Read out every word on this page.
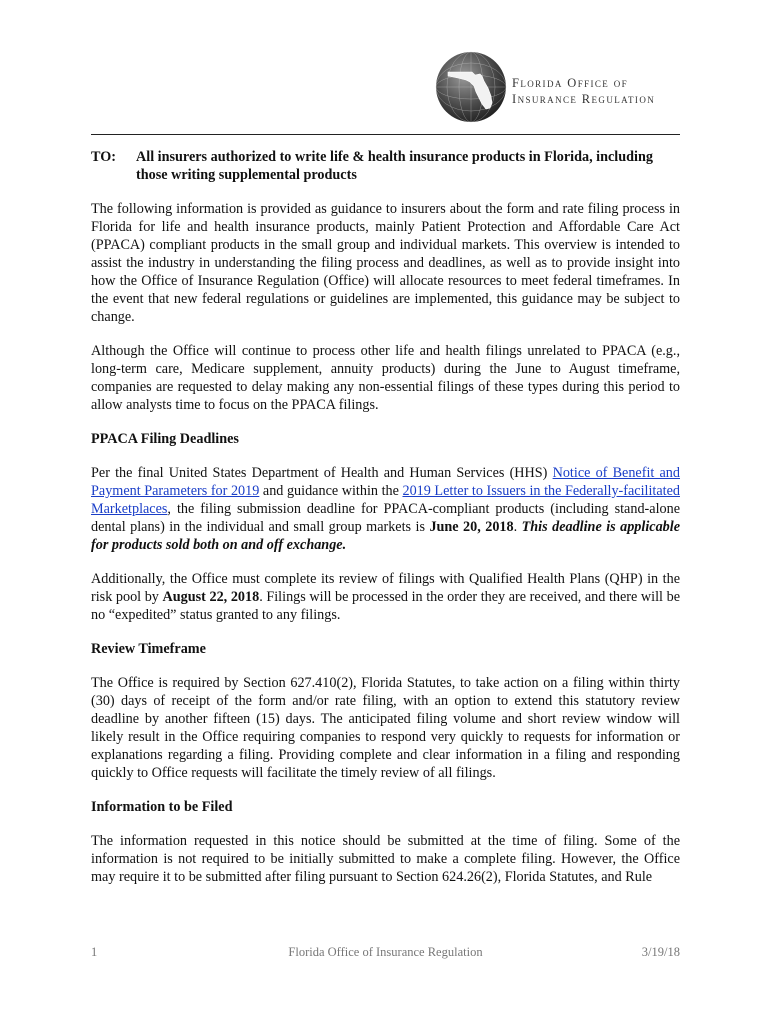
Florida Office of
Insurance Regulation
TO: All insurers authorized to write life & health insurance products in Florida, including those writing supplemental products

The following information is provided as guidance to insurers about the form and rate filing process in Florida for life and health insurance products, mainly Patient Protection and Affordable Care Act (PPACA) compliant products in the small group and individual markets. This overview is intended to assist the industry in understanding the filing process and deadlines, as well as to provide insight into how the Office of Insurance Regulation (Office) will allocate resources to meet federal timeframes. In the event that new federal regulations or guidelines are implemented, this guidance may be subject to change.

Although the Office will continue to process other life and health filings unrelated to PPACA (e.g., long-term care, Medicare supplement, annuity products) during the June to August timeframe, companies are requested to delay making any non-essential filings of these types during this period to allow analysts time to focus on the PPACA filings.

PPACA Filing Deadlines

Per the final United States Department of Health and Human Services (HHS) Notice of Benefit and Payment Parameters for 2019 and guidance within the 2019 Letter to Issuers in the Federally-facilitated Marketplaces, the filing submission deadline for PPACA-compliant products (including stand-alone dental plans) in the individual and small group markets is June 20, 2018. This deadline is applicable for products sold both on and off exchange.

Additionally, the Office must complete its review of filings with Qualified Health Plans (QHP) in the risk pool by August 22, 2018. Filings will be processed in the order they are received, and there will be no “expedited” status granted to any filings.

Review Timeframe

The Office is required by Section 627.410(2), Florida Statutes, to take action on a filing within thirty (30) days of receipt of the form and/or rate filing, with an option to extend this statutory review deadline by another fifteen (15) days. The anticipated filing volume and short review window will likely result in the Office requiring companies to respond very quickly to requests for information or explanations regarding a filing. Providing complete and clear information in a filing and responding quickly to Office requests will facilitate the timely review of all filings.

Information to be Filed

The information requested in this notice should be submitted at the time of filing. Some of the information is not required to be initially submitted to make a complete filing. However, the Office may require it to be submitted after filing pursuant to Section 624.26(2), Florida Statutes, and Rule

1	Florida Office of Insurance Regulation	3/19/18
